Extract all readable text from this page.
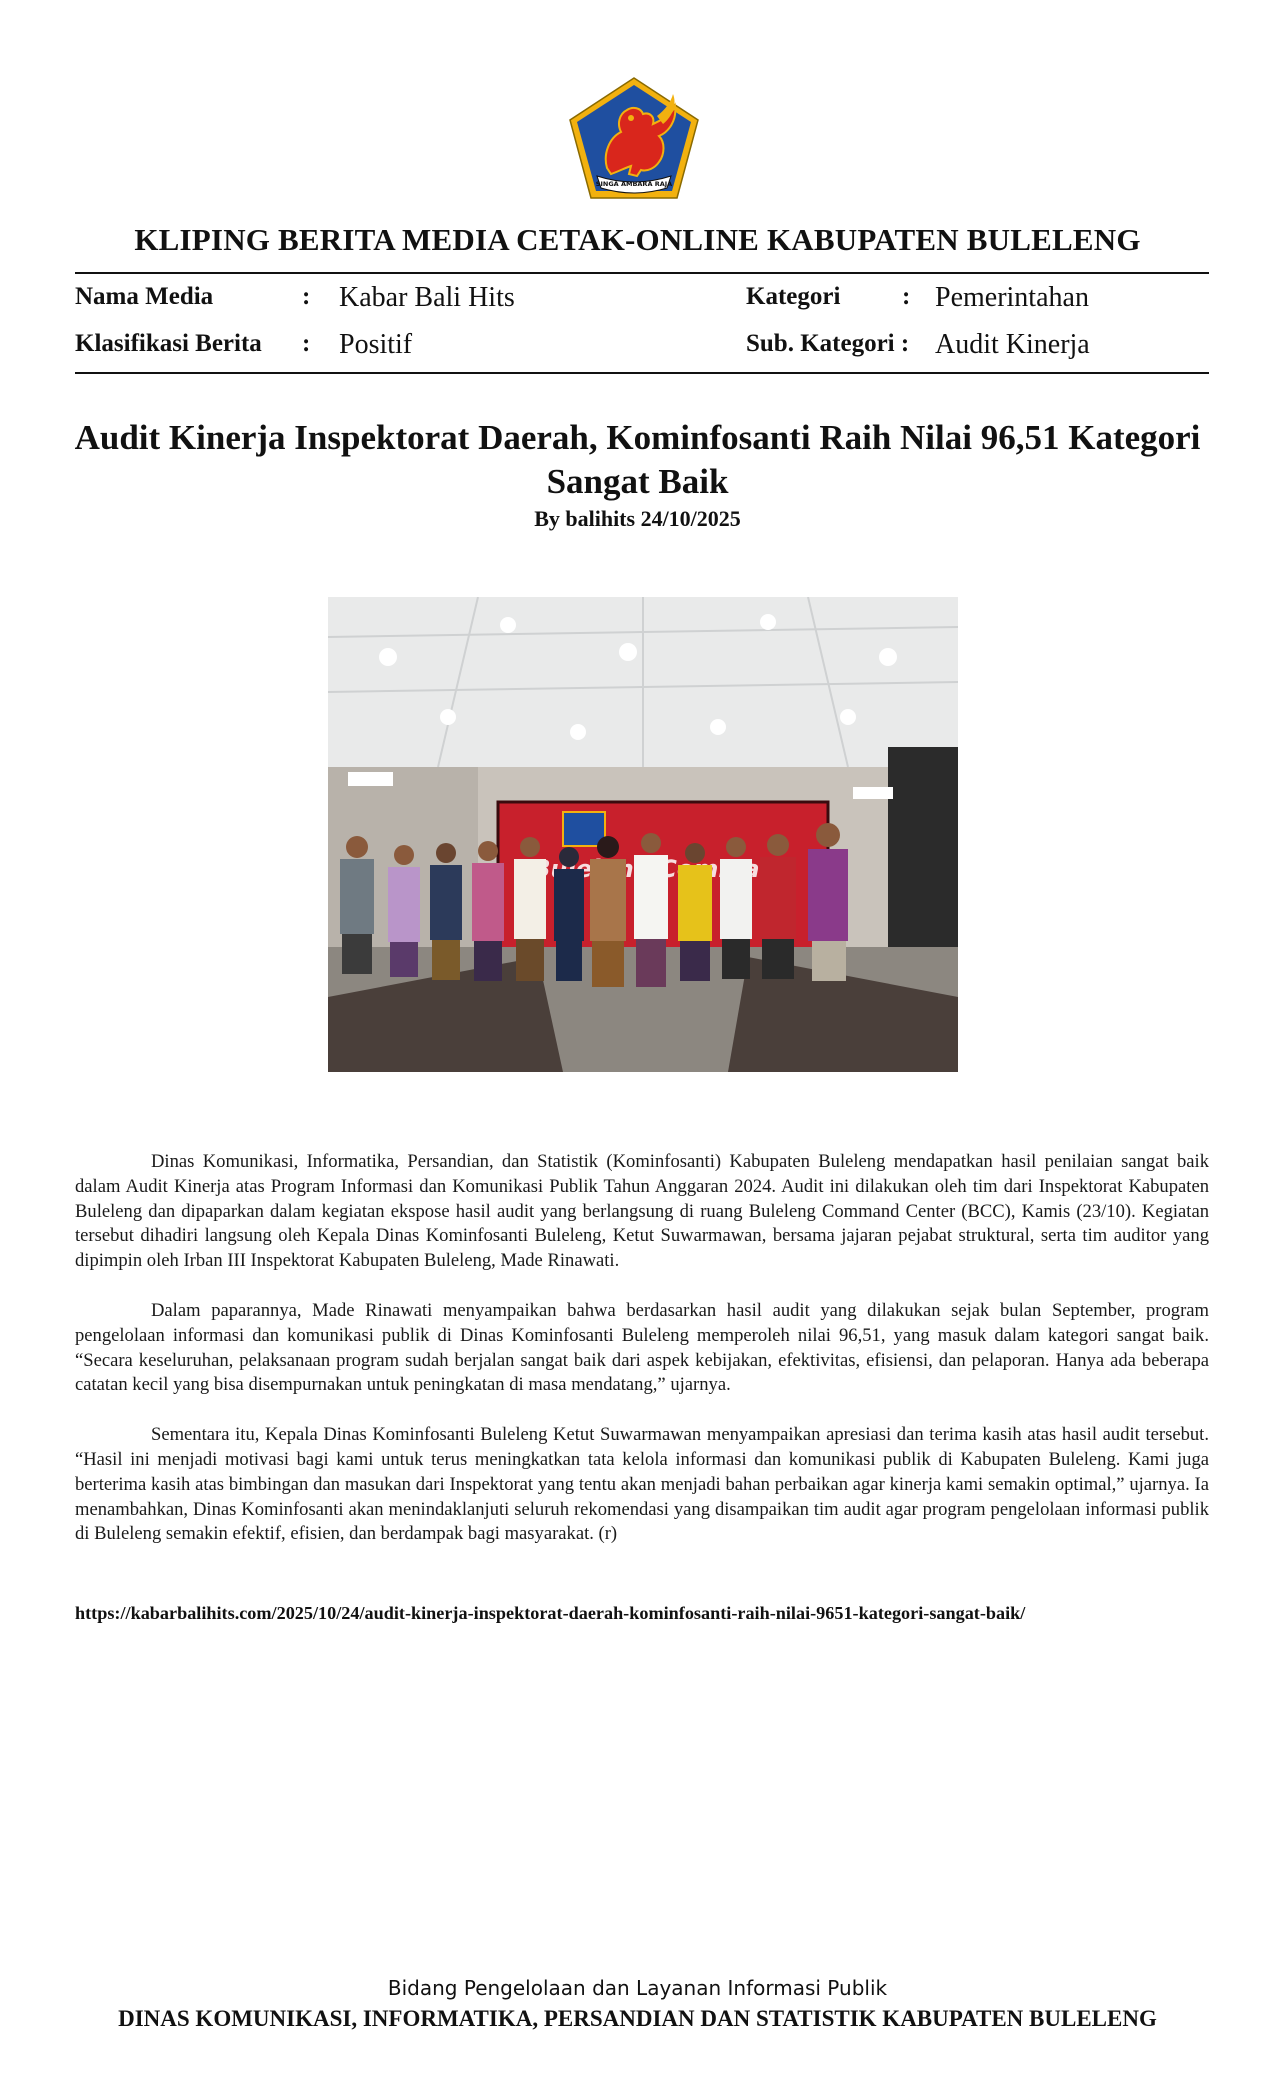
SINGA AMBARA RAJA
KLIPING BERITA MEDIA CETAK-ONLINE KABUPATEN BULELENG
Nama Media	: Kabar Bali Hits
Klasifikasi Berita : Positif
Kategori : Pemerintahan
Sub. Kategori : Audit Kinerja
Audit Kinerja Inspektorat Daerah, Kominfosanti Raih Nilai 96,51 Kategori Sangat Baik
By balihits 24/10/2025

Dinas Komunikasi, Informatika, Persandian, dan Statistik (Kominfosanti) Kabupaten Buleleng mendapatkan hasil penilaian sangat baik dalam Audit Kinerja atas Program Informasi dan Komunikasi Publik Tahun Anggaran 2024. Audit ini dilakukan oleh tim dari Inspektorat Kabupaten Buleleng dan dipaparkan dalam kegiatan ekspose hasil audit yang berlangsung di ruang Buleleng Command Center (BCC), Kamis (23/10). Kegiatan tersebut dihadiri langsung oleh Kepala Dinas Kominfosanti Buleleng, Ketut Suwarmawan, bersama jajaran pejabat struktural, serta tim auditor yang dipimpin oleh Irban III Inspektorat Kabupaten Buleleng, Made Rinawati.

Dalam paparannya, Made Rinawati menyampaikan bahwa berdasarkan hasil audit yang dilakukan sejak bulan September, program pengelolaan informasi dan komunikasi publik di Dinas Kominfosanti Buleleng memperoleh nilai 96,51, yang masuk dalam kategori sangat baik. “Secara keseluruhan, pelaksanaan program sudah berjalan sangat baik dari aspek kebijakan, efektivitas, efisiensi, dan pelaporan. Hanya ada beberapa catatan kecil yang bisa disempurnakan untuk peningkatan di masa mendatang,” ujarnya.

Sementara itu, Kepala Dinas Kominfosanti Buleleng Ketut Suwarmawan menyampaikan apresiasi dan terima kasih atas hasil audit tersebut. “Hasil ini menjadi motivasi bagi kami untuk terus meningkatkan tata kelola informasi dan komunikasi publik di Kabupaten Buleleng. Kami juga berterima kasih atas bimbingan dan masukan dari Inspektorat yang tentu akan menjadi bahan perbaikan agar kinerja kami semakin optimal,” ujarnya. Ia menambahkan, Dinas Kominfosanti akan menindaklanjuti seluruh rekomendasi yang disampaikan tim audit agar program pengelolaan informasi publik di Buleleng semakin efektif, efisien, dan berdampak bagi masyarakat. (r)

https://kabarbalihits.com/2025/10/24/audit-kinerja-inspektorat-daerah-kominfosanti-raih-nilai-9651-kategori-sangat-baik/
Bidang Pengelolaan dan Layanan Informasi Publik
DINAS KOMUNIKASI, INFORMATIKA, PERSANDIAN DAN STATISTIK KABUPATEN BULELENG
